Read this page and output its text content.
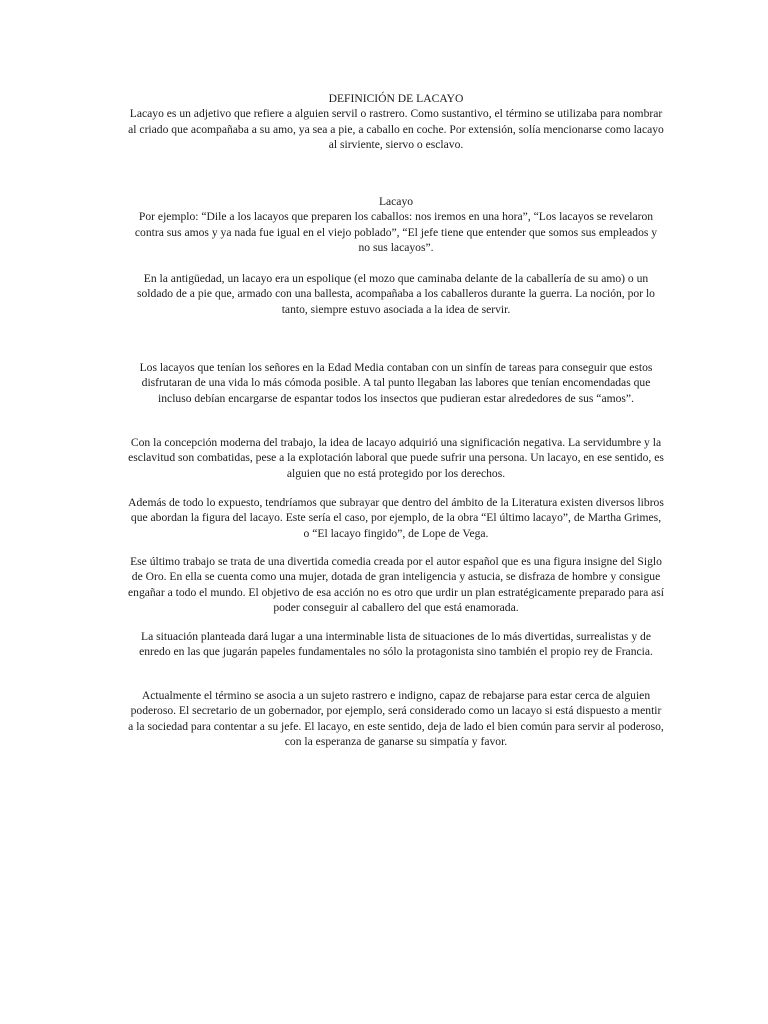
DEFINICIÓN DE LACAYO
Lacayo es un adjetivo que refiere a alguien servil o rastrero. Como sustantivo, el término se utilizaba para nombrar al criado que acompañaba a su amo, ya sea a pie, a caballo en coche. Por extensión, solía mencionarse como lacayo al sirviente, siervo o esclavo.
Lacayo
Por ejemplo: “Dile a los lacayos que preparen los caballos: nos iremos en una hora”, “Los lacayos se revelaron contra sus amos y ya nada fue igual en el viejo poblado”, “El jefe tiene que entender que somos sus empleados y no sus lacayos”.
En la antigüedad, un lacayo era un espolique (el mozo que caminaba delante de la caballería de su amo) o un soldado de a pie que, armado con una ballesta, acompañaba a los caballeros durante la guerra. La noción, por lo tanto, siempre estuvo asociada a la idea de servir.
Los lacayos que tenían los señores en la Edad Media contaban con un sinfín de tareas para conseguir que estos disfrutaran de una vida lo más cómoda posible. A tal punto llegaban las labores que tenían encomendadas que incluso debían encargarse de espantar todos los insectos que pudieran estar alrededores de sus “amos”.
Con la concepción moderna del trabajo, la idea de lacayo adquirió una significación negativa. La servidumbre y la esclavitud son combatidas, pese a la explotación laboral que puede sufrir una persona. Un lacayo, en ese sentido, es alguien que no está protegido por los derechos.
Además de todo lo expuesto, tendríamos que subrayar que dentro del ámbito de la Literatura existen diversos libros que abordan la figura del lacayo. Este sería el caso, por ejemplo, de la obra “El último lacayo”, de Martha Grimes, o “El lacayo fingido”, de Lope de Vega.
Ese último trabajo se trata de una divertida comedia creada por el autor español que es una figura insigne del Siglo de Oro. En ella se cuenta como una mujer, dotada de gran inteligencia y astucia, se disfraza de hombre y consigue engañar a todo el mundo. El objetivo de esa acción no es otro que urdir un plan estratégicamente preparado para así poder conseguir al caballero del que está enamorada.
La situación planteada dará lugar a una interminable lista de situaciones de lo más divertidas, surrealistas y de enredo en las que jugarán papeles fundamentales no sólo la protagonista sino también el propio rey de Francia.
Actualmente el término se asocia a un sujeto rastrero e indigno, capaz de rebajarse para estar cerca de alguien poderoso. El secretario de un gobernador, por ejemplo, será considerado como un lacayo si está dispuesto a mentir a la sociedad para contentar a su jefe. El lacayo, en este sentido, deja de lado el bien común para servir al poderoso, con la esperanza de ganarse su simpatía y favor.
